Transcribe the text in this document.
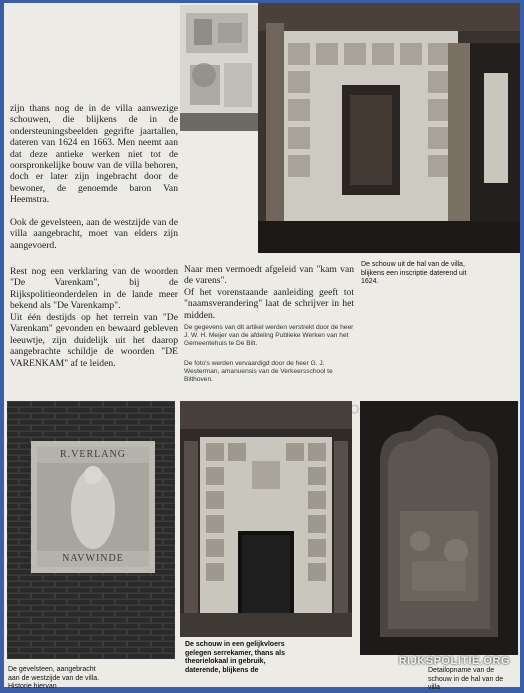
zijn thans nog de in de villa aanwezige schouwen, die blijkens de in de ondersteuningsbeelden gegrifte jaartallen, dateren van 1624 en 1663. Men neemt aan dat deze antieke werken niet tot de oorspronkelijke bouw van de villa behoren, doch er later zijn ingebracht door de bewoner, de genoemde baron Van Heemstra.

Ook de gevelsteen, aan de westzijde van de villa aangebracht, moet van elders zijn aangevoerd.

Rest nog een verklaring van de woorden "De Varenkam", bij de Rijkspolitieonderdelen in de lande meer bekend als "De Varenkamp".

Uit één destijds op het terrein van "De Varenkam" gevonden en bewaard gebleven leeuwtje, zijn duidelijk uit het daarop aangebrachte schildje de woorden "DE VARENKAM" af te leiden.

Naar men vermoedt afgeleid van "kam van de varens".

Of het vorenstaande aanleiding geeft tot "naamsverandering" laat de schrijver in het midden.

De gegevens van dit artikel werden verstrekt door de heer J. W. H. Meijer van de afdeling Publieke Werken van het Gemeentehuis te De Bilt.

De foto's werden vervaardigd door de heer G. J. Westerman, amanuensis van de Verkeersschool te Bilthoven.

De schouw uit de hal van de villa, blijkens een inscriptie daterend uit 1624.

R.VERLANG
NAVWINDE

De gevelsteen, aangebracht aan de westzijde van de villa. Historie hiervan

De schouw in een gelijkvloers gelegen serrekamer, thans als theorielokaal in gebruik, daterende, blijkens de	Detailopname van de schouw in de hal van de villa

RIJKSPOLITIE.ORG
